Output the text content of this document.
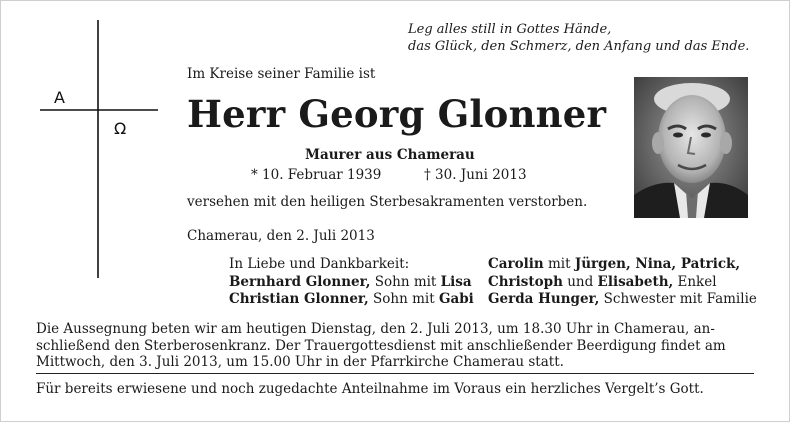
A
Ω
Leg alles still in Gottes Hände,
das Glück, den Schmerz, den Anfang und das Ende.
Im Kreise seiner Familie ist
Herr Georg Glonner
Maurer aus Chamerau
* 10. Februar 1939	† 30. Juni 2013
versehen mit den heiligen Sterbesakramenten verstorben.
Chamerau, den 2. Juli 2013
In Liebe und Dankbarkeit:
Bernhard Glonner, Sohn mit Lisa
Christian Glonner, Sohn mit Gabi
Carolin mit Jürgen, Nina, Patrick,
Christoph und Elisabeth, Enkel
Gerda Hunger, Schwester mit Familie
Die Aussegnung beten wir am heutigen Dienstag, den 2. Juli 2013, um 18.30 Uhr in Chamerau, an-
schließend den Sterberosenkranz. Der Trauergottesdienst mit anschließender Beerdigung findet am
Mittwoch, den 3. Juli 2013, um 15.00 Uhr in der Pfarrkirche Chamerau statt.
Für bereits erwiesene und noch zugedachte Anteilnahme im Voraus ein herzliches Vergelt’s Gott.
